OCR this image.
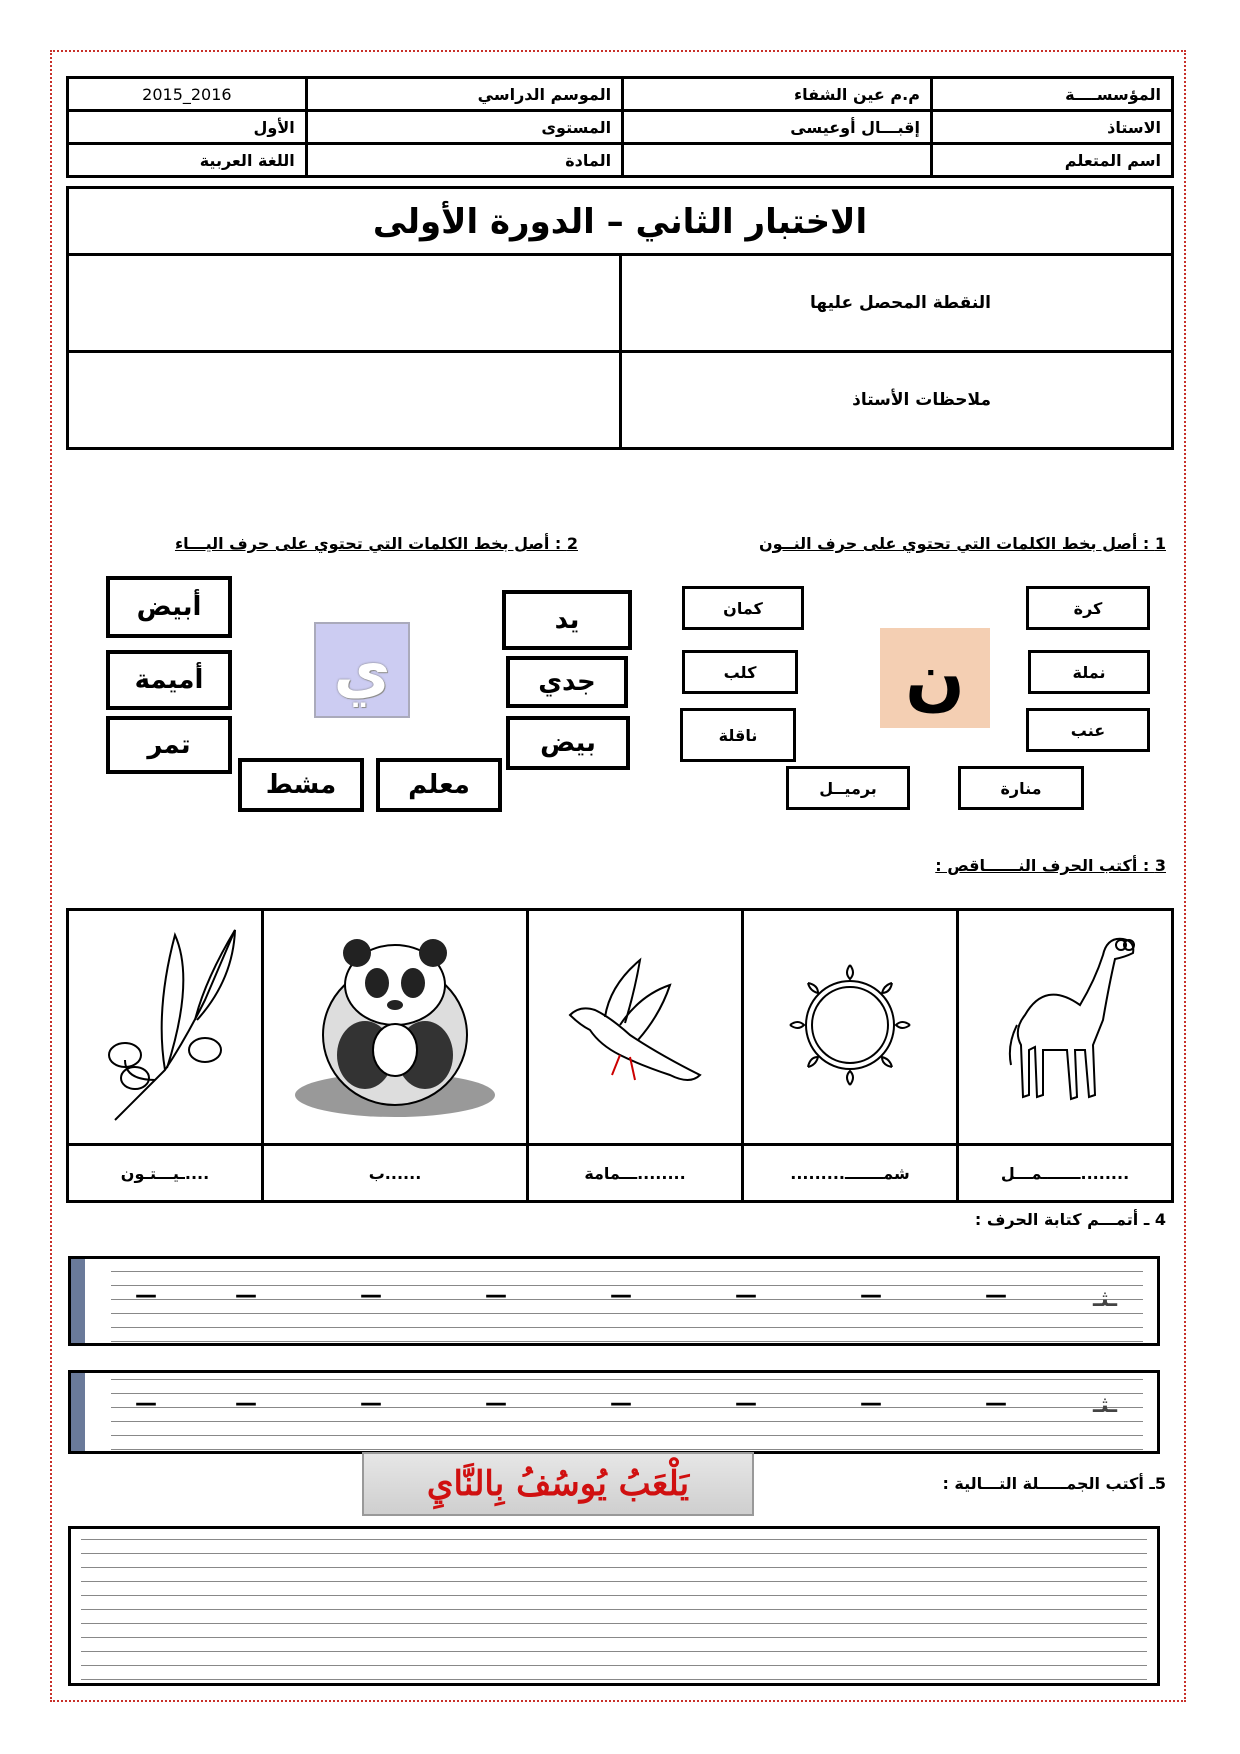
المؤسســــة	م.م عين الشفاء	الموسم الدراسي	2016_2015
الاستاذ	إقبـــال أوعيسى	المستوى	الأول
اسم المتعلم		المادة	اللغة العربية
الاختبار الثاني – الدورة الأولى
النقطة المحصل عليها	
ملاحظات الأستاذ	
1 : أصل بخط الكلمات التي تحتوي على حرف النــون
2 : أصل بخط الكلمات التي تحتوي على حرف اليـــاء
ن
كرة
نملة
عنب
منارة
برميــل
كمان
كلب
ناقلة
ي
يد
جدي
بيض
أبيض
أميمة
تمر
مشط	معلم
3 : أكتب الحرف النــــــاقص :

........ـــــــمـــل	شمـــــــ.........	........ـــمامة	......ب	....ـيـــتـون
4 ـ أتمـــم كتابة الحرف :
ـثـ
—
—
—
—
—
—
—
—
ـثـ
—
—
—
—
—
—
—
—
5ـ أكتب الجمـــــلة التـــالية :
يَلْعَبُ يُوسُفُ بِالنَّايِ
